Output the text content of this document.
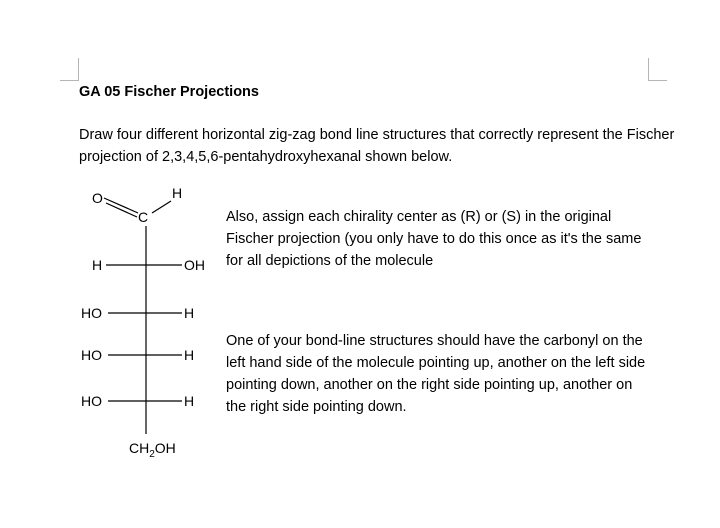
GA 05 Fischer Projections

Draw four different horizontal zig-zag bond line structures that correctly represent the Fischer projection of 2,3,4,5,6-pentahydroxyhexanal shown below.

Also, assign each chirality center as (R) or (S) in the original Fischer projection (you only have to do this once as it's the same for all depictions of the molecule

One of your bond-line structures should have the carbonyl on the left hand side of the molecule pointing up, another on the left side pointing down, another on the right side pointing up, another on the right side pointing down.

O
C
H
H	OH
HO	H
HO	H
HO	H
$CH_2OH$
